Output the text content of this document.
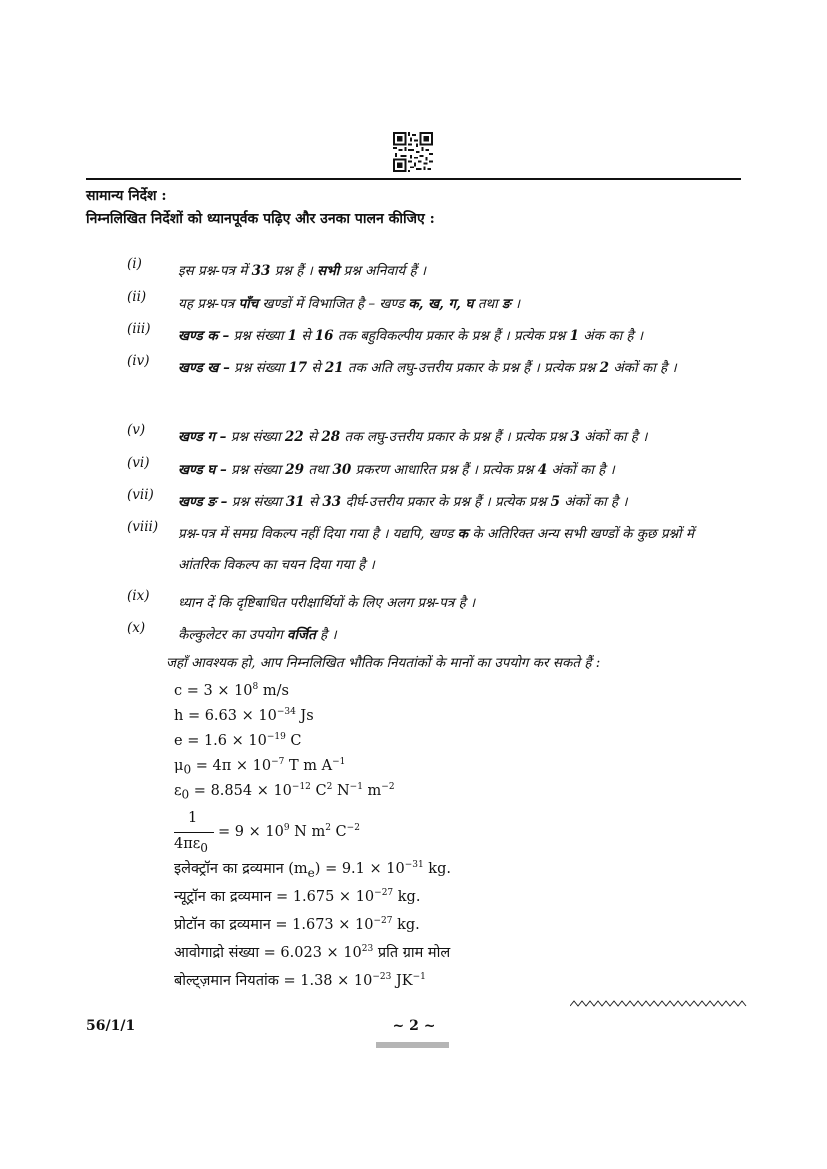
सामान्य निर्देश :
निम्नलिखित निर्देशों को ध्यानपूर्वक पढ़िए और उनका पालन कीजिए :
(i)	इस प्रश्न-पत्र में 33 प्रश्न हैं । सभी प्रश्न अनिवार्य हैं ।
(ii) यह प्रश्न-पत्र पाँच खण्डों में विभाजित है – खण्ड क, ख, ग, घ तथा ङ ।
(iii) खण्ड क – प्रश्न संख्या 1 से 16 तक बहुविकल्पीय प्रकार के प्रश्न हैं । प्रत्येक प्रश्न 1 अंक का है ।
(iv) खण्ड ख – प्रश्न संख्या 17 से 21 तक अति लघु-उत्तरीय प्रकार के प्रश्न हैं । प्रत्येक प्रश्न 2 अंकों का है ।
(v) खण्ड ग – प्रश्न संख्या 22 से 28 तक लघु-उत्तरीय प्रकार के प्रश्न हैं । प्रत्येक प्रश्न 3 अंकों का है ।
(vi) खण्ड घ – प्रश्न संख्या 29 तथा 30 प्रकरण आधारित प्रश्न हैं । प्रत्येक प्रश्न 4 अंकों का है ।
(vii) खण्ड ङ – प्रश्न संख्या 31 से 33 दीर्घ-उत्तरीय प्रकार के प्रश्न हैं । प्रत्येक प्रश्न 5 अंकों का है ।
(viii) प्रश्न-पत्र में समग्र विकल्प नहीं दिया गया है । यद्यपि, खण्ड क के अतिरिक्त अन्य सभी खण्डों के कुछ प्रश्नों में आंतरिक विकल्प का चयन दिया गया है ।
(ix) ध्यान दें कि दृष्टिबाधित परीक्षार्थियों के लिए अलग प्रश्न-पत्र है ।
(x) कैल्कुलेटर का उपयोग वर्जित है ।
जहाँ आवश्यक हो, आप निम्नलिखित भौतिक नियतांकों के मानों का उपयोग कर सकते हैं :
$c = 3 \times 10^8$ m/s
$h = 6.63 \times 10^{-34}$ Js
$e = 1.6 \times 10^{-19}$ C
$\mu_0 = 4\pi \times 10^{-7}$ T m $A^{-1}$
$\varepsilon_0 = 8.854 \times 10^{-12}$ $C^2$ $N^{-1}$ $m^{-2}$
1
$4\pi\varepsilon_0$
= $9 \times 10^9$ N $m^2$ $C^{-2}$
इलेक्ट्रॉन का द्रव्यमान $(m_e) = 9.1 \times 10^{-31}$ kg.
न्यूट्रॉन का द्रव्यमान = $1.675 \times 10^{-27}$ kg.
प्रोटॉन का द्रव्यमान = $1.673 \times 10^{-27}$ kg.
आवोगाद्रो संख्या = $6.023 \times 10^{23}$ प्रति ग्राम मोल
बोल्ट्ज़मान नियतांक = $1.38 \times 10^{-23}$ $JK^{-1}$
56/1/1	~ 2 ~
